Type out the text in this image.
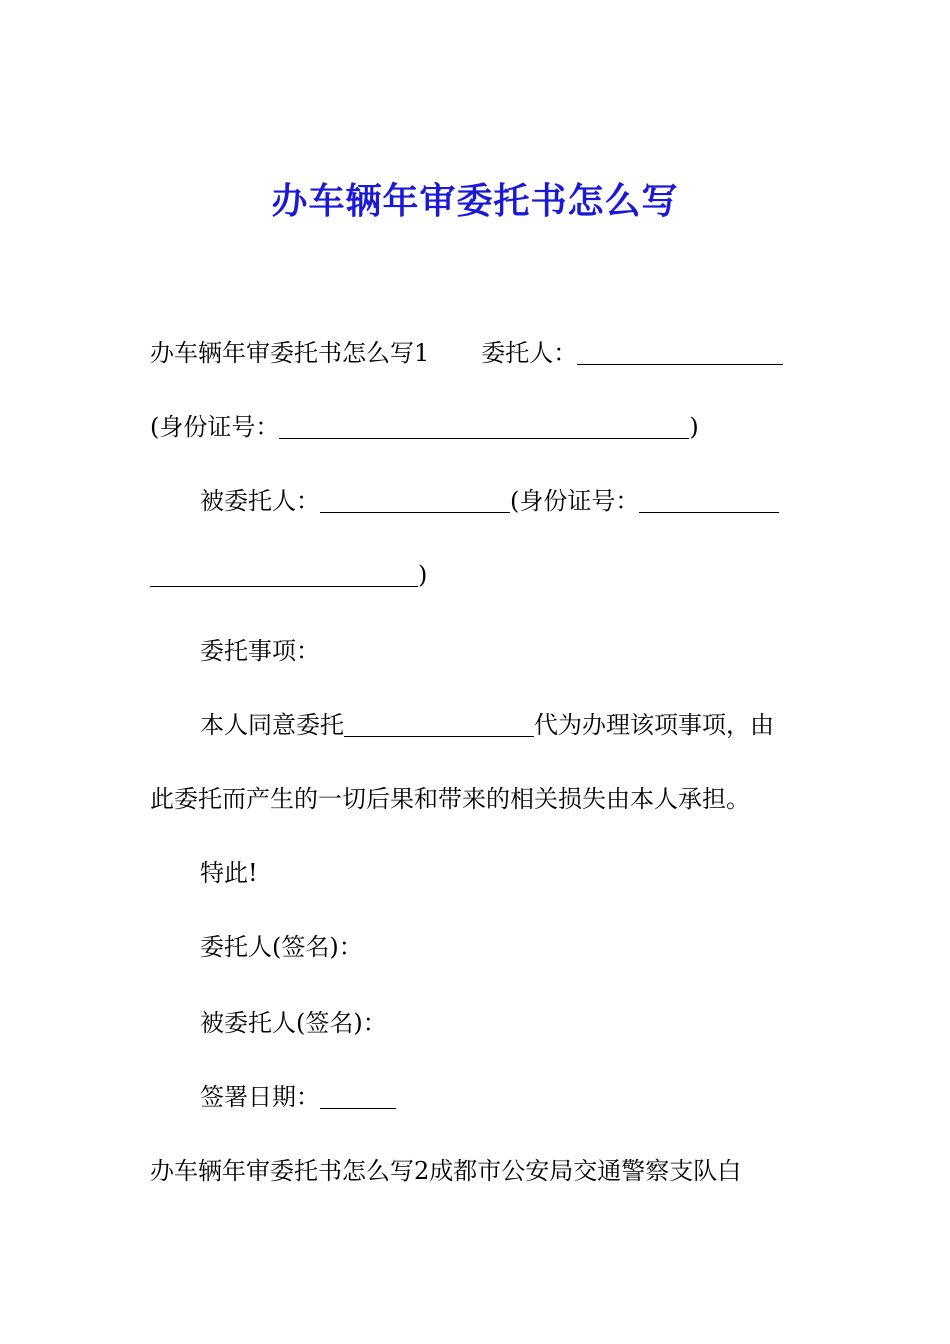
办车辆年审委托书怎么写
办车辆年审委托书怎么写1 委托人：
(身份证号：	)
被委托人：	(身份证号：
)
委托事项：
本人同意委托	代为办理该项事项，由
此委托而产生的一切后果和带来的相关损失由本人承担。
特此!
委托人(签名)：
被委托人(签名)：
签署日期：
办车辆年审委托书怎么写2成都市公安局交通警察支队白
